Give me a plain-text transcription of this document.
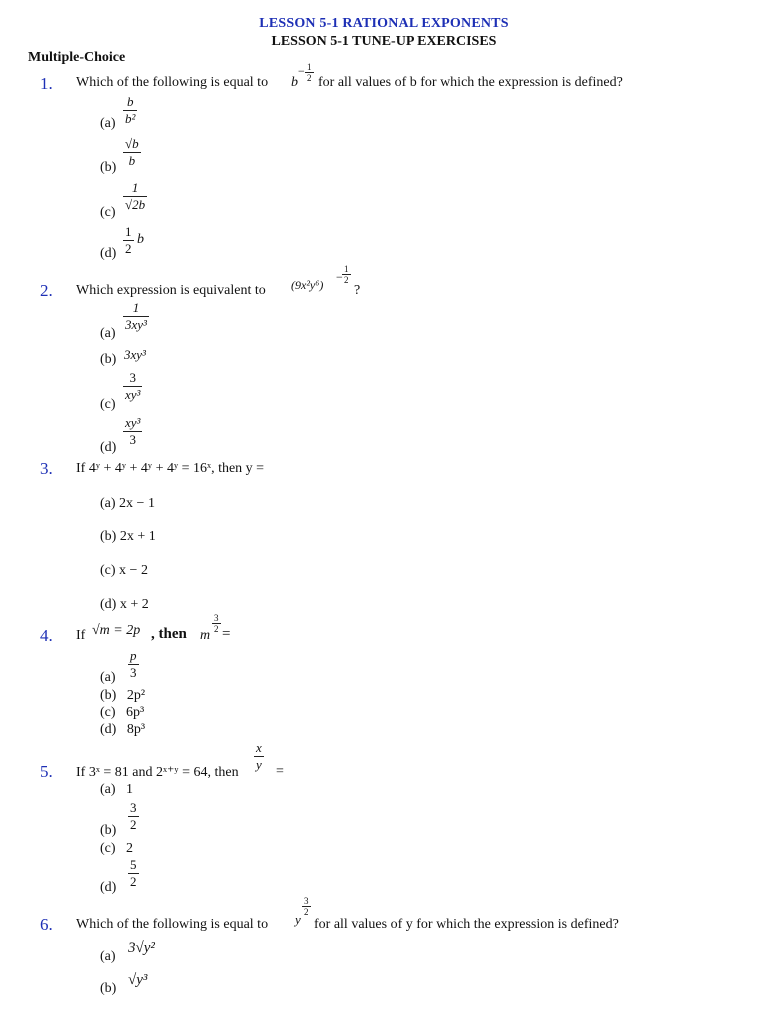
LESSON 5-1 RATIONAL EXPONENTS
LESSON 5-1 TUNE-UP EXERCISES
Multiple-Choice
1. Which of the following is equal to b
− 1
2 for all values of b for which the expression is defined?
(a)
b
b²
(b)
√b
b
(c)
1
√2b
(d)
1
2
b
2. Which expression is equivalent to (9x²y⁶)
−
1
2
?
(a)
1
3xy³
(b) 3xy³
(c)
3
xy³
(d)
xy³
3
3. If 4ʸ + 4ʸ + 4ʸ + 4ʸ = 16ˣ, then y =
(a) 2x − 1
(b) 2x + 1
(c) x − 2
(d) x + 2
4. If √m = 2p , then m
3
2 =
(a)
p
3
(b) 2p²
(c) 6p³
(d) 8p³
5. If 3ˣ = 81 and 2ˣ⁺ʸ = 64, then
x
y =
(a) 1
(b)
3
2
(c) 2
(d)
5
2
6. Which of the following is equal to y
3
2
for all values of y for which the expression is defined?
(a)
3√y²
(b)
√y³
